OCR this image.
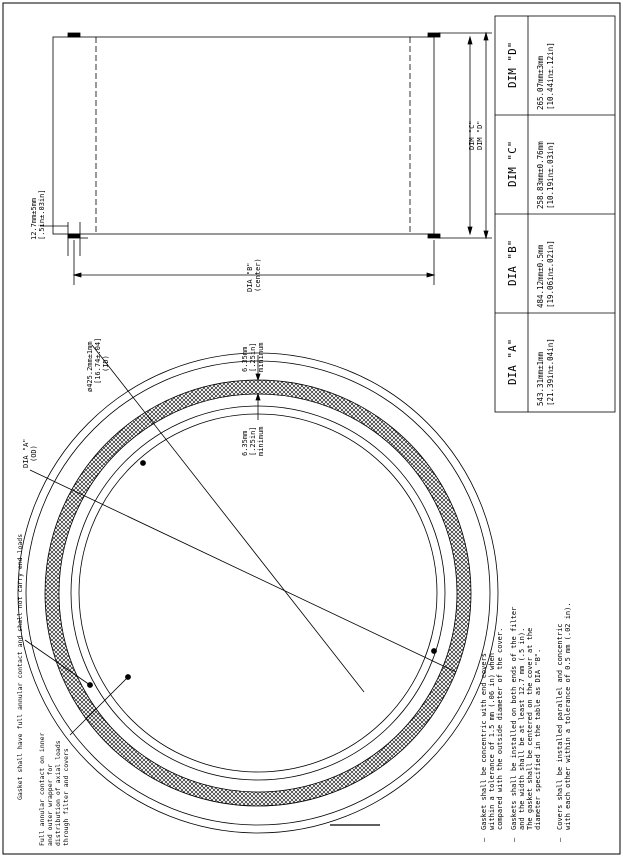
12.7mm±5mm [.5in±.03in]
DIA "B" (center)
DIM "C" DIM "D"
DIA "A"
DIA "B"
DIM "C"
DIM "D"
543.31mm±1mm [21.39in±.04in]
484.12mm±0.5mm [19.06in±.02in]
258.83mm±0.76mm [10.19in±.03in]
265.07mm±3mm [10.44in±.12in]
Gasket shall have full annular contact and shall not carry end loads Full annular contact on inner and outer wrapper for distribution of axial loads through filter and covers
DIA "A" (OD)
ø425.2mm±1mm [16.74±.04] (ID)	6.35mm [.25in] minimum
6.35mm [.25in] minimum
–
Gasket shall be concentric with end covers within a tolerance of 1.5 mm (.06 in) when compared with the outside diameter of the cover.
–
Gaskets shall be installed on both ends of the filter and the width shall be at least 12.7 mm (.5 in). The gasket shall be centered on the cover at the diameter specified in the table as DIA "B".
–
Covers shall be installed parallel and concentric with each other within a tolerance of 0.5 mm (.02 in).
